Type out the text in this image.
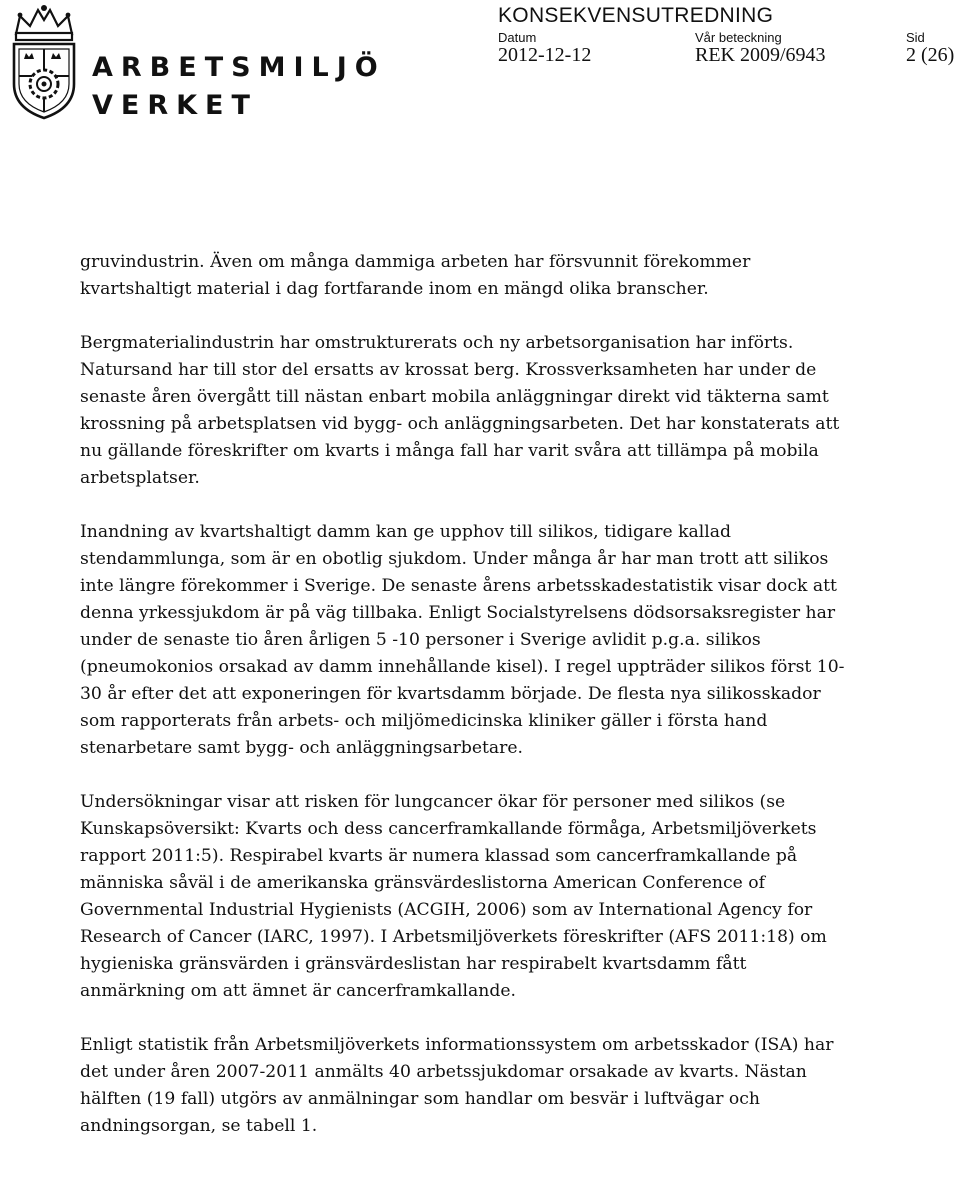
ARBETSMILJÖ
VERKET
KONSEKVENSUTREDNING
Datum
2012-12-12
Vår beteckning
REK 2009/6943
Sid
2 (26)

gruvindustrin. Även om många dammiga arbeten har försvunnit förekommer kvartshaltigt material i dag fortfarande inom en mängd olika branscher.

Bergmaterialindustrin har omstrukturerats och ny arbetsorganisation har införts. Natursand har till stor del ersatts av krossat berg. Krossverksamheten har under de senaste åren övergått till nästan enbart mobila anläggningar direkt vid täkterna samt krossning på arbetsplatsen vid bygg- och anläggningsarbeten. Det har konstaterats att nu gällande föreskrifter om kvarts i många fall har varit svåra att tillämpa på mobila arbetsplatser.

Inandning av kvartshaltigt damm kan ge upphov till silikos, tidigare kallad stendammlunga, som är en obotlig sjukdom. Under många år har man trott att silikos inte längre förekommer i Sverige. De senaste årens arbetsskadestatistik visar dock att denna yrkessjukdom är på väg tillbaka. Enligt Socialstyrelsens dödsorsaksregister har under de senaste tio åren årligen 5 -10 personer i Sverige avlidit p.g.a. silikos (pneumokonios orsakad av damm innehållande kisel). I regel uppträder silikos först 10-30 år efter det att exponeringen för kvartsdamm började. De flesta nya silikosskador som rapporterats från arbets- och miljömedicinska kliniker gäller i första hand stenarbetare samt bygg- och anläggningsarbetare.

Undersökningar visar att risken för lungcancer ökar för personer med silikos (se Kunskapsöversikt: Kvarts och dess cancerframkallande förmåga, Arbetsmiljöverkets rapport 2011:5). Respirabel kvarts är numera klassad som cancerframkallande på människa såväl i de amerikanska gränsvärdeslistorna American Conference of Governmental Industrial Hygienists (ACGIH, 2006) som av International Agency for Research of Cancer (IARC, 1997). I Arbetsmiljöverkets föreskrifter (AFS 2011:18) om hygieniska gränsvärden i gränsvärdeslistan har respirabelt kvartsdamm fått anmärkning om att ämnet är cancerframkallande.

Enligt statistik från Arbetsmiljöverkets informationssystem om arbetsskador (ISA) har det under åren 2007-2011 anmälts 40 arbetssjukdomar orsakade av kvarts. Nästan hälften (19 fall) utgörs av anmälningar som handlar om besvär i luftvägar och andningsorgan, se tabell 1.
